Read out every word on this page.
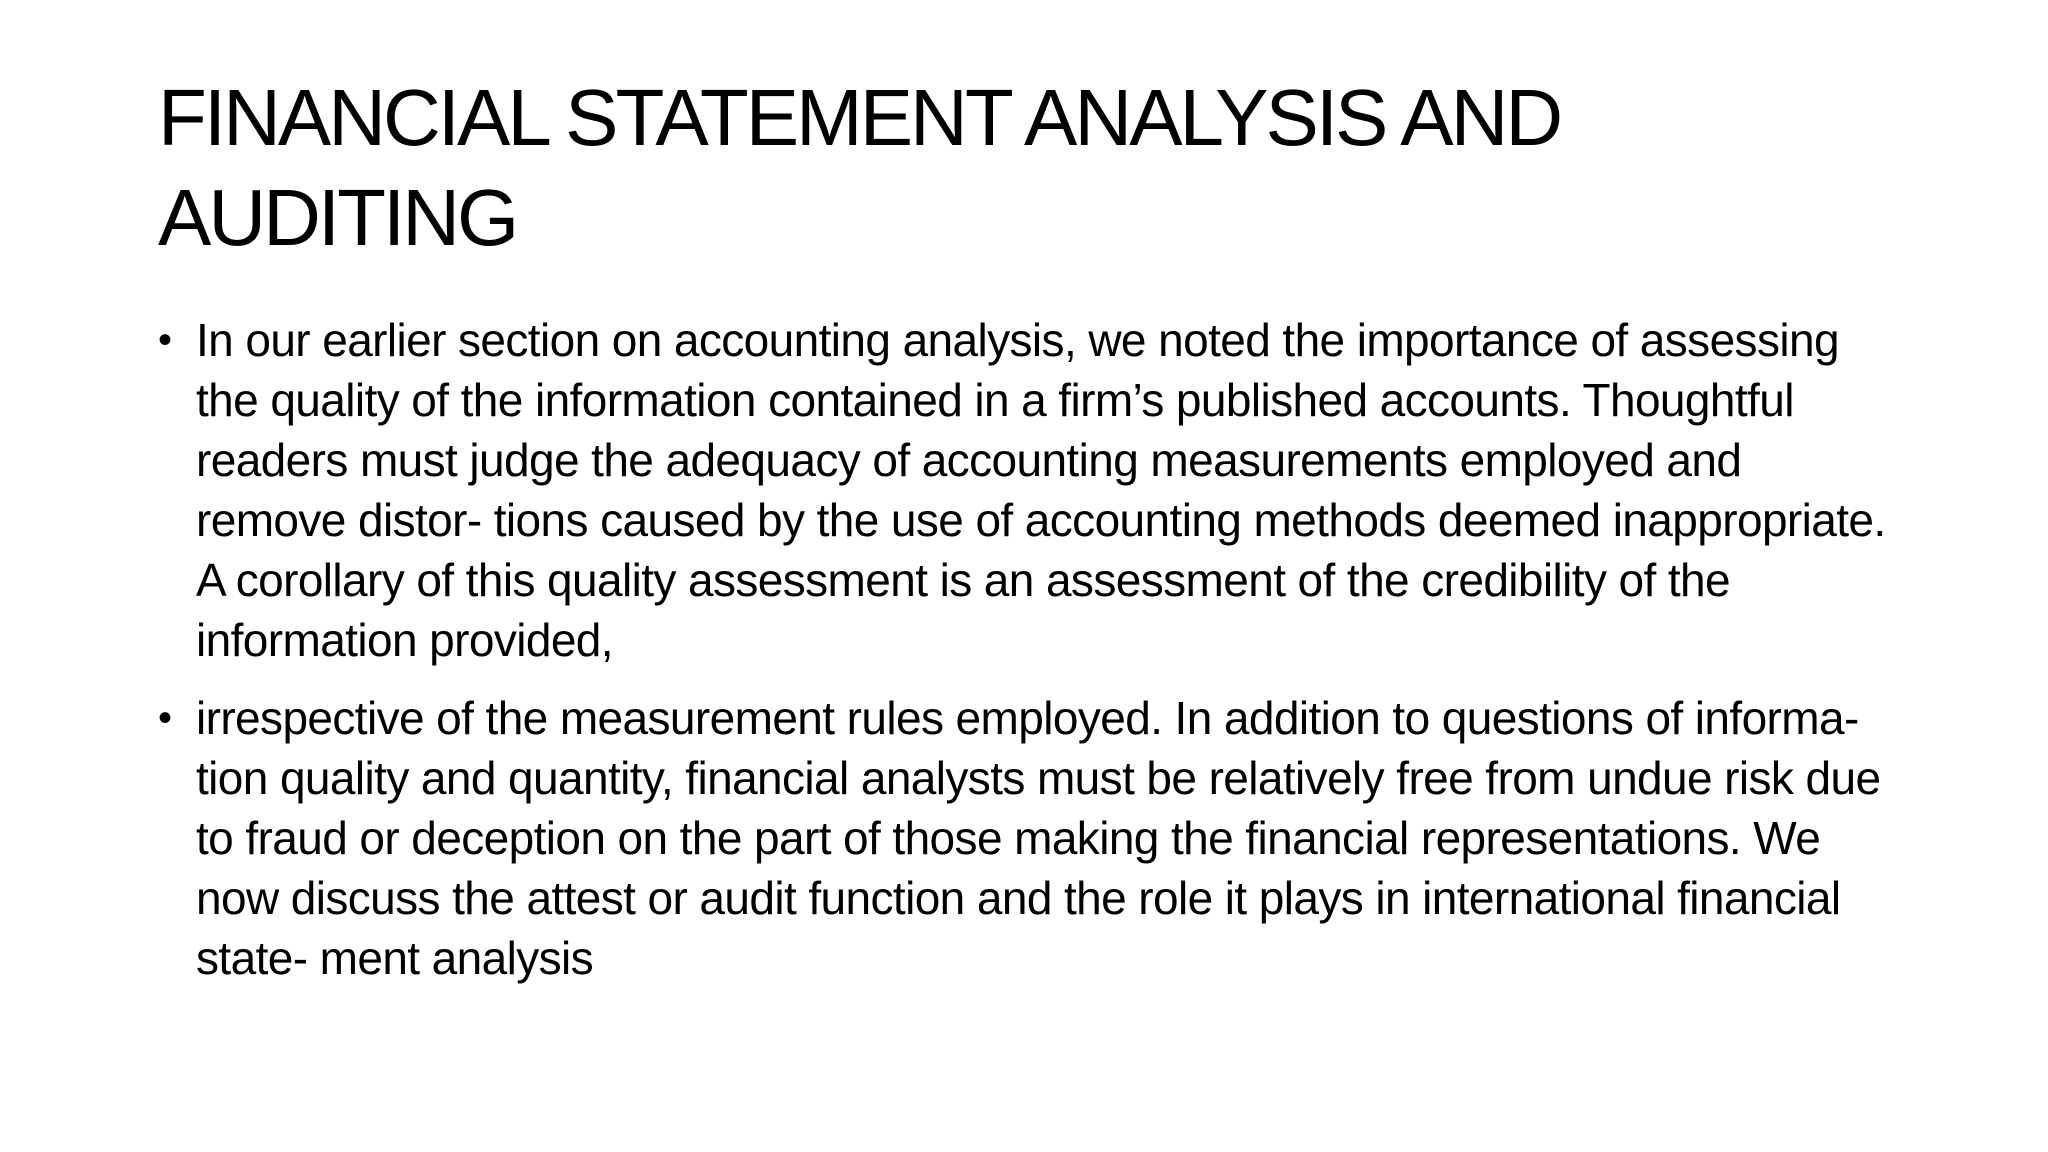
FINANCIAL STATEMENT ANALYSIS AND AUDITING
• In our earlier section on accounting analysis, we noted the importance of assessing the quality of the information contained in a firm’s published accounts. Thoughtful readers must judge the adequacy of accounting measurements employed and remove distor- tions caused by the use of accounting methods deemed inappropriate. A corollary of this quality assessment is an assessment of the credibility of the information provided,
• irrespective of the measurement rules employed. In addition to questions of informa- tion quality and quantity, financial analysts must be relatively free from undue risk due to fraud or deception on the part of those making the financial representations. We now discuss the attest or audit function and the role it plays in international financial state- ment analysis
